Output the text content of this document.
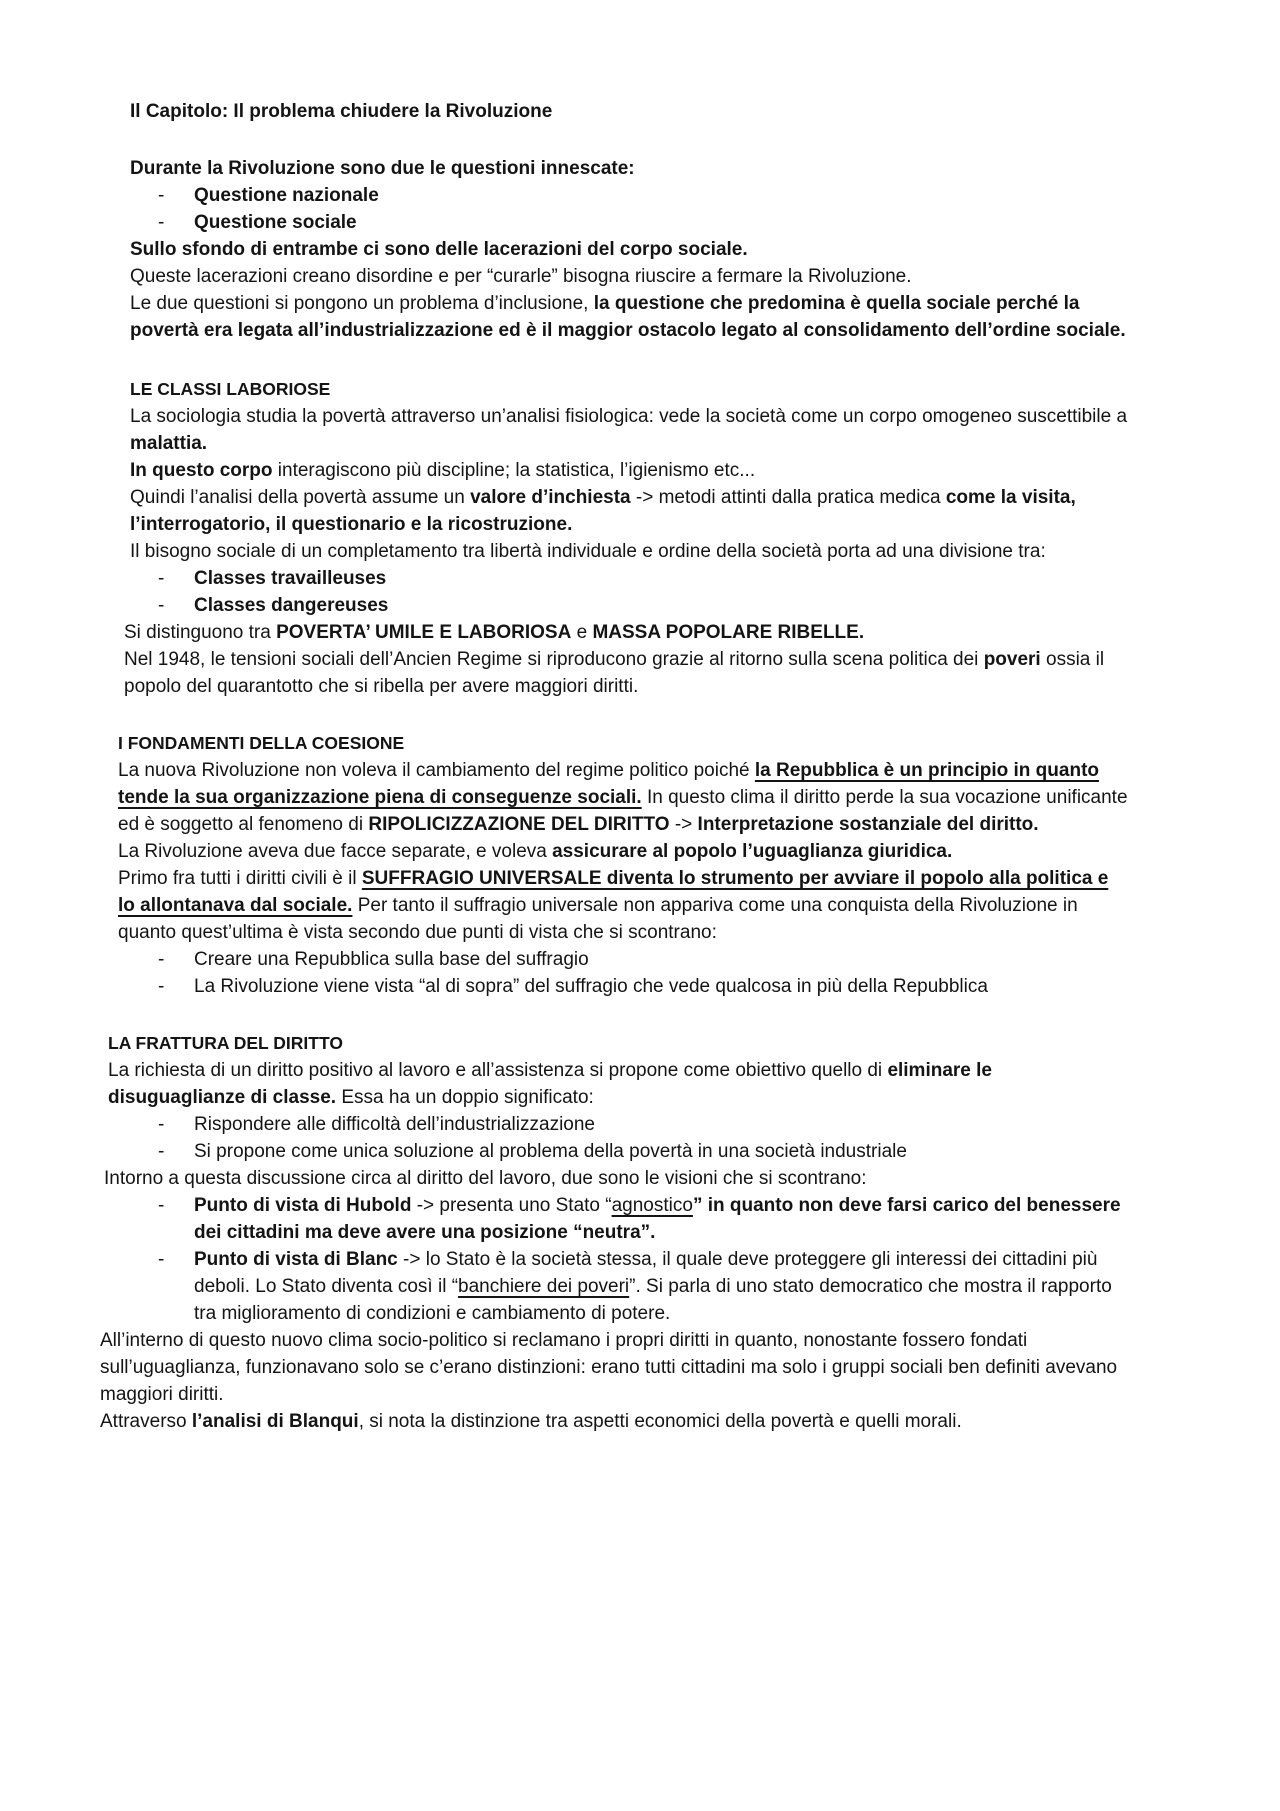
Il Capitolo: Il problema chiudere la Rivoluzione

Durante la Rivoluzione sono due le questioni innescate:

- Questione nazionale
- Questione sociale

Sullo sfondo di entrambe ci sono delle lacerazioni del corpo sociale.

Queste lacerazioni creano disordine e per “curarle” bisogna riuscire a fermare la Rivoluzione.

Le due questioni si pongono un problema d’inclusione, la questione che predomina è quella sociale perché la povertà era legata all’industrializzazione ed è il maggior ostacolo legato al consolidamento dell’ordine sociale.

LE CLASSI LABORIOSE

La sociologia studia la povertà attraverso un’analisi fisiologica: vede la società come un corpo omogeneo suscettibile a malattia.

In questo corpo interagiscono più discipline; la statistica, l’igienismo etc...

Quindi l’analisi della povertà assume un valore d’inchiesta -> metodi attinti dalla pratica medica come la visita, l’interrogatorio, il questionario e la ricostruzione.

Il bisogno sociale di un completamento tra libertà individuale e ordine della società porta ad una divisione tra:

- Classes travailleuses
- Classes dangereuses

Si distinguono tra POVERTA’ UMILE E LABORIOSA e MASSA POPOLARE RIBELLE.

Nel 1948, le tensioni sociali dell’Ancien Regime si riproducono grazie al ritorno sulla scena politica dei poveri ossia il popolo del quarantotto che si ribella per avere maggiori diritti.

I FONDAMENTI DELLA COESIONE

La nuova Rivoluzione non voleva il cambiamento del regime politico poiché la Repubblica è un principio in quanto tende la sua organizzazione piena di conseguenze sociali. In questo clima il diritto perde la sua vocazione unificante ed è soggetto al fenomeno di RIPOLICIZZAZIONE DEL DIRITTO -> Interpretazione sostanziale del diritto.

La Rivoluzione aveva due facce separate, e voleva assicurare al popolo l’uguaglianza giuridica.

Primo fra tutti i diritti civili è il SUFFRAGIO UNIVERSALE diventa lo strumento per avviare il popolo alla politica e lo allontanava dal sociale. Per tanto il suffragio universale non appariva come una conquista della Rivoluzione in quanto quest’ultima è vista secondo due punti di vista che si scontrano:

- Creare una Repubblica sulla base del suffragio
- La Rivoluzione viene vista “al di sopra” del suffragio che vede qualcosa in più della Repubblica

LA FRATTURA DEL DIRITTO

La richiesta di un diritto positivo al lavoro e all’assistenza si propone come obiettivo quello di eliminare le disuguaglianze di classe. Essa ha un doppio significato:

- Rispondere alle difficoltà dell’industrializzazione
- Si propone come unica soluzione al problema della povertà in una società industriale

Intorno a questa discussione circa al diritto del lavoro, due sono le visioni che si scontrano:

- Punto di vista di Hubold -> presenta uno Stato “agnostico” in quanto non deve farsi carico del benessere dei cittadini ma deve avere una posizione “neutra”.
- Punto di vista di Blanc -> lo Stato è la società stessa, il quale deve proteggere gli interessi dei cittadini più deboli. Lo Stato diventa così il “banchiere dei poveri”. Si parla di uno stato democratico che mostra il rapporto tra miglioramento di condizioni e cambiamento di potere.

All’interno di questo nuovo clima socio-politico si reclamano i propri diritti in quanto, nonostante fossero fondati sull’uguaglianza, funzionavano solo se c’erano distinzioni: erano tutti cittadini ma solo i gruppi sociali ben definiti avevano maggiori diritti.

Attraverso l’analisi di Blanqui, si nota la distinzione tra aspetti economici della povertà e quelli morali.
